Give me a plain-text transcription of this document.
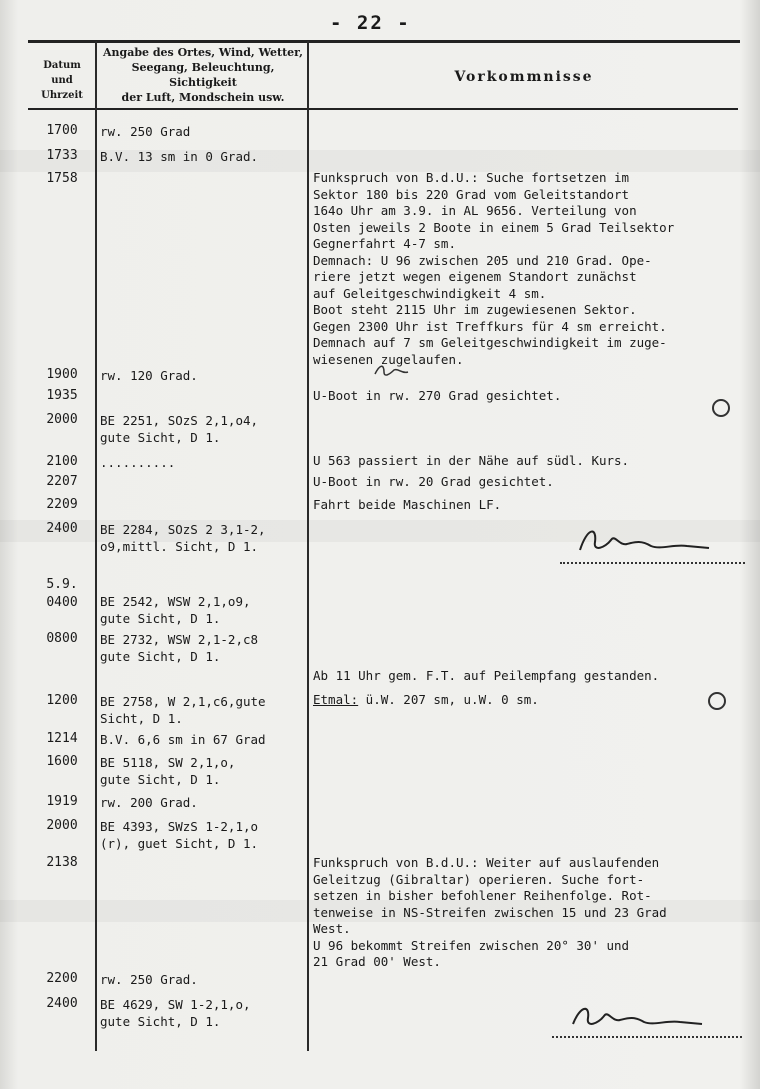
- 22 -
Datum
und
Uhrzeit
Angabe des Ortes, Wind, Wetter,
Seegang, Beleuchtung, Sichtigkeit
der Luft, Mondschein usw.
Vorkommnisse
1700
1733
1758
1900
1935
2000
2100
2207
2209
2400
5.9.
0400
0800
1200
1214
1600
1919
2000
2138
2200
2400
rw. 250 Grad
B.V. 13 sm in 0 Grad.
rw. 120 Grad.
BE 2251, SOzS 2,1,o4,
gute Sicht, D 1.
..........
BE 2284, SOzS 2 3,1-2,
o9,mittl. Sicht, D 1.
BE 2542, WSW 2,1,o9,
gute Sicht, D 1.
BE 2732, WSW 2,1-2,c8
gute Sicht, D 1.
BE 2758, W 2,1,c6,gute
Sicht, D 1.
B.V. 6,6 sm in 67 Grad
BE 5118, SW 2,1,o,
gute Sicht, D 1.
rw. 200 Grad.
BE 4393, SWzS 1-2,1,o
(r), guet Sicht, D 1.
rw. 250 Grad.
BE 4629, SW 1-2,1,o,
gute Sicht, D 1.
Funkspruch von B.d.U.: Suche fortsetzen im
Sektor 180 bis 220 Grad vom Geleitstandort
164o Uhr am 3.9. in AL 9656. Verteilung von
Osten jeweils 2 Boote in einem 5 Grad Teilsektor
Gegnerfahrt 4-7 sm.
Demnach: U 96 zwischen 205 und 210 Grad. Ope-
riere jetzt wegen eigenem Standort zunächst
auf Geleitgeschwindigkeit 4 sm.
Boot steht 2115 Uhr im zugewiesenen Sektor.
Gegen 2300 Uhr ist Treffkurs für 4 sm erreicht.
Demnach auf 7 sm Geleitgeschwindigkeit im zuge-
wiesenen zugelaufen.
U-Boot in rw. 270 Grad gesichtet.
U 563 passiert in der Nähe auf südl. Kurs.
U-Boot in rw. 20 Grad gesichtet.
Fahrt beide Maschinen LF.
Ab 11 Uhr gem. F.T. auf Peilempfang gestanden.
Etmal: ü.W. 207 sm, u.W. 0 sm.
Funkspruch von B.d.U.: Weiter auf auslaufenden
Geleitzug (Gibraltar) operieren. Suche fort-
setzen in bisher befohlener Reihenfolge. Rot-
tenweise in NS-Streifen zwischen 15 und 23 Grad
West.
U 96 bekommt Streifen zwischen 20° 30' und
21 Grad 00' West.
